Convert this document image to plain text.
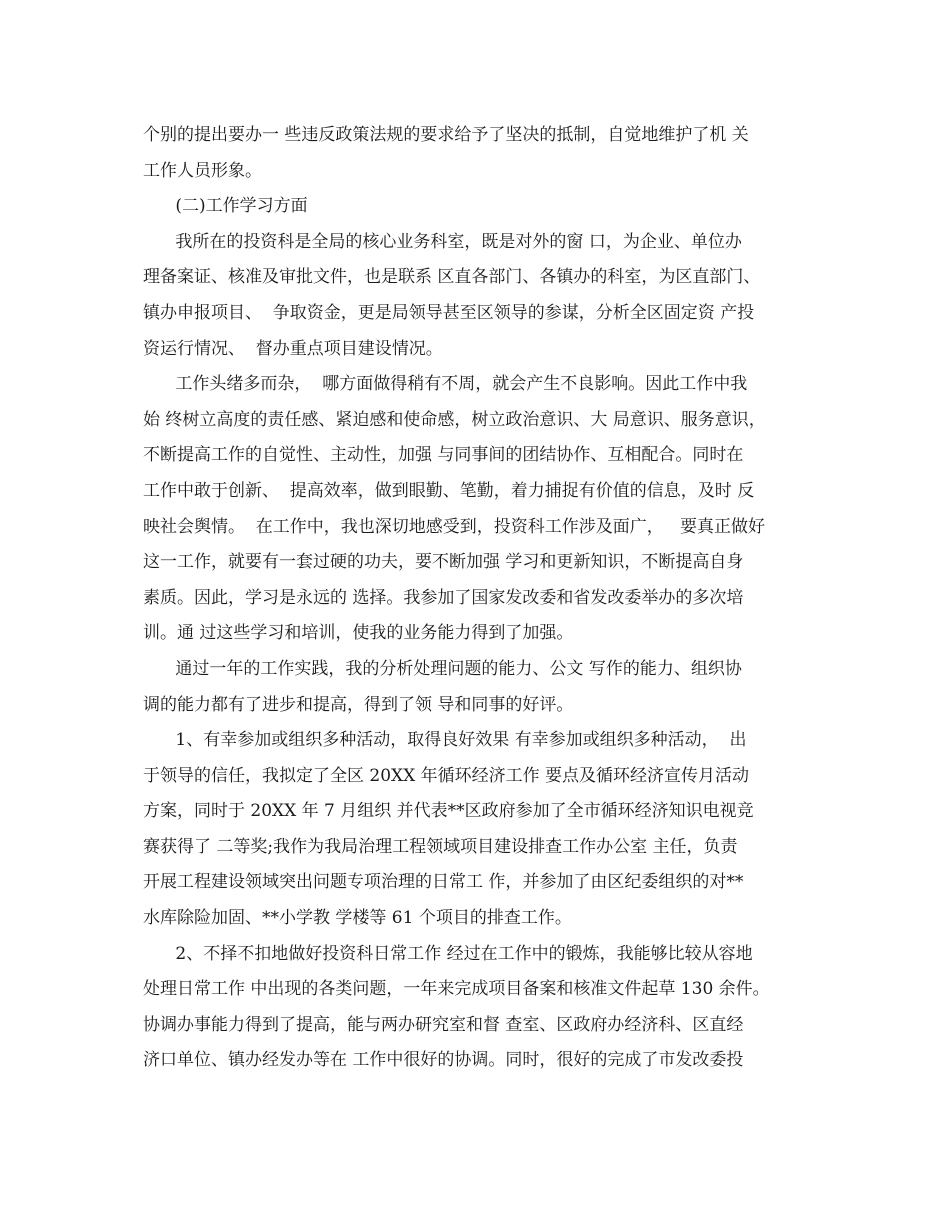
个别的提出要办一 些违反政策法规的要求给予了坚决的抵制，自觉地维护了机 关
工作人员形象。
(二)工作学习方面
我所在的投资科是全局的核心业务科室，既是对外的窗 口，为企业、单位办
理备案证、核准及审批文件，也是联系 区直各部门、各镇办的科室，为区直部门、
镇办申报项目、  争取资金，更是局领导甚至区领导的参谋，分析全区固定资 产投
资运行情况、  督办重点项目建设情况。
工作头绪多而杂，  哪方面做得稍有不周，就会产生不良影响。因此工作中我
始 终树立高度的责任感、紧迫感和使命感，树立政治意识、大 局意识、服务意识，
不断提高工作的自觉性、主动性，加强 与同事间的团结协作、互相配合。同时在
工作中敢于创新、  提高效率，做到眼勤、笔勤，着力捕捉有价值的信息，及时 反
映社会舆情。  在工作中，我也深切地感受到，投资科工作涉及面广，   要真正做好
这一工作，就要有一套过硬的功夫，要不断加强 学习和更新知识，不断提高自身
素质。因此，学习是永远的 选择。我参加了国家发改委和省发改委举办的多次培
训。通 过这些学习和培训，使我的业务能力得到了加强。
通过一年的工作实践，我的分析处理问题的能力、公文 写作的能力、组织协
调的能力都有了进步和提高，得到了领 导和同事的好评。
1、有幸参加或组织多种活动，取得良好效果 有幸参加或组织多种活动，  出
于领导的信任，我拟定了全区 20XX 年循环经济工作 要点及循环经济宣传月活动
方案，同时于 20XX 年 7 月组织 并代表**区政府参加了全市循环经济知识电视竞
赛获得了 二等奖;我作为我局治理工程领域项目建设排查工作办公室 主任，负责
开展工程建设领域突出问题专项治理的日常工 作，并参加了由区纪委组织的对**
水库除险加固、**小学教 学楼等 61 个项目的排查工作。
2、不择不扣地做好投资科日常工作 经过在工作中的锻炼，我能够比较从容地
处理日常工作 中出现的各类问题，一年来完成项目备案和核准文件起草 130 余件。
协调办事能力得到了提高，能与两办研究室和督 查室、区政府办经济科、区直经
济口单位、镇办经发办等在 工作中很好的协调。同时，很好的完成了市发改委投
